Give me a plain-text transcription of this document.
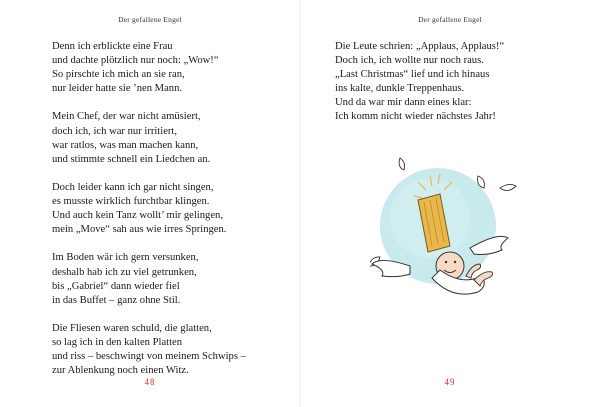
Der gefallene Engel
Denn ich erblickte eine Frau
und dachte plötzlich nur noch: „Wow!“
So pirschte ich mich an sie ran,
nur leider hatte sie ’nen Mann.
Mein Chef, der war nicht amüsiert,
doch ich, ich war nur irritiert,
war ratlos, was man machen kann,
und stimmte schnell ein Liedchen an.
Doch leider kann ich gar nicht singen,
es musste wirklich furchtbar klingen.
Und auch kein Tanz wollt’ mir gelingen,
mein „Move“ sah aus wie irres Springen.
Im Boden wär ich gern versunken,
deshalb hab ich zu viel getrunken,
bis „Gabriel“ dann wieder fiel
in das Buffet – ganz ohne Stil.
Die Fliesen waren schuld, die glatten,
so lag ich in den kalten Platten
und riss – beschwingt von meinem Schwips –
zur Ablenkung noch einen Witz.
48
Der gefallene Engel
Die Leute schrien: „Applaus, Applaus!“
Doch ich, ich wollte nur noch raus.
„Last Christmas“ lief und ich hinaus
ins kalte, dunkle Treppenhaus.
Und da war mir dann eines klar:
Ich komm nicht wieder nächstes Jahr!
49
